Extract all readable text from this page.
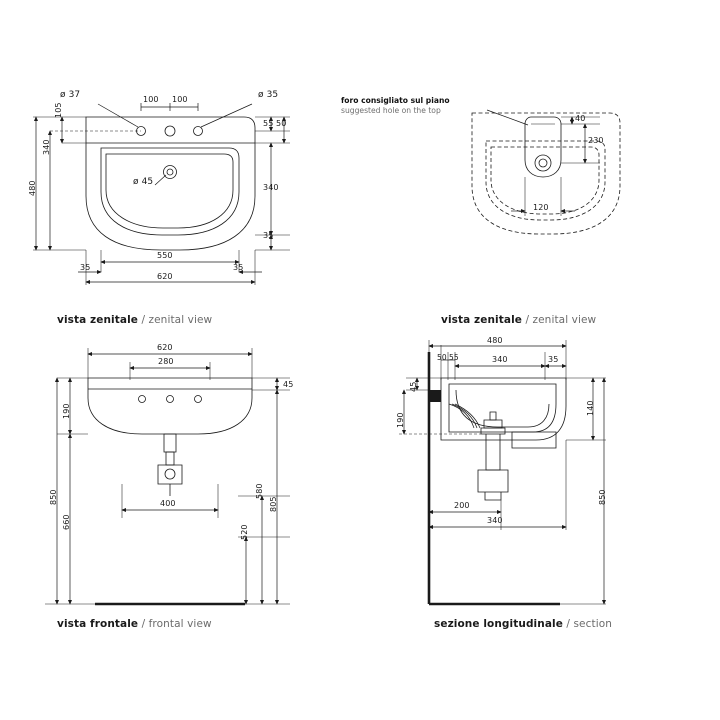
ø 37	ø 35
ø 45
100 100
105
340
480
55 50
340
35
35
550
35
620
vista zenitale / zenital view
foro consigliato sul piano
suggested hole on the top
40
230
120
vista zenitale / zenital view
620
280
190
850
660
400
45
805
580
520
vista frontale / frontal view
480
50 55	340	35
45
190
140
850
200
340
sezione longitudinale / section
